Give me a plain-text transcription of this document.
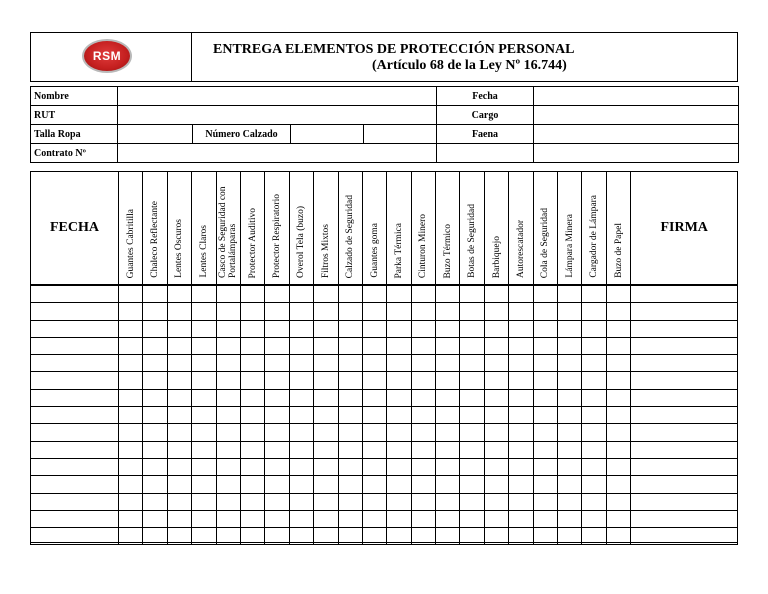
RSM	ENTREGA ELEMENTOS DE PROTECCIÓN PERSONAL
(Artículo 68 de la Ley Nº 16.744)
Nombre					Fecha	
RUT					Cargo	
Talla Ropa		Número Calzado			Faena	
Contrato Nº						
FECHA	Guantes Cabritilla	Chaleco Reflectante	Lentes Oscuros	Lentes Claros	Casco de Seguridad con Portalámparas	Protector Auditivo	Protector Respiratorio	Overol Tela (buzo)	Filtros Mixtos	Calzado de Seguridad	Guantes goma	Parka Térmica	Cinturon Minero	Buzo Térmico	Botas de Seguridad	Barbiquejo	Autorescatador	Cola de Seguridad	Lámpara Minera	Cargador de Lámpara	Buzo de Papel	FIRMA
